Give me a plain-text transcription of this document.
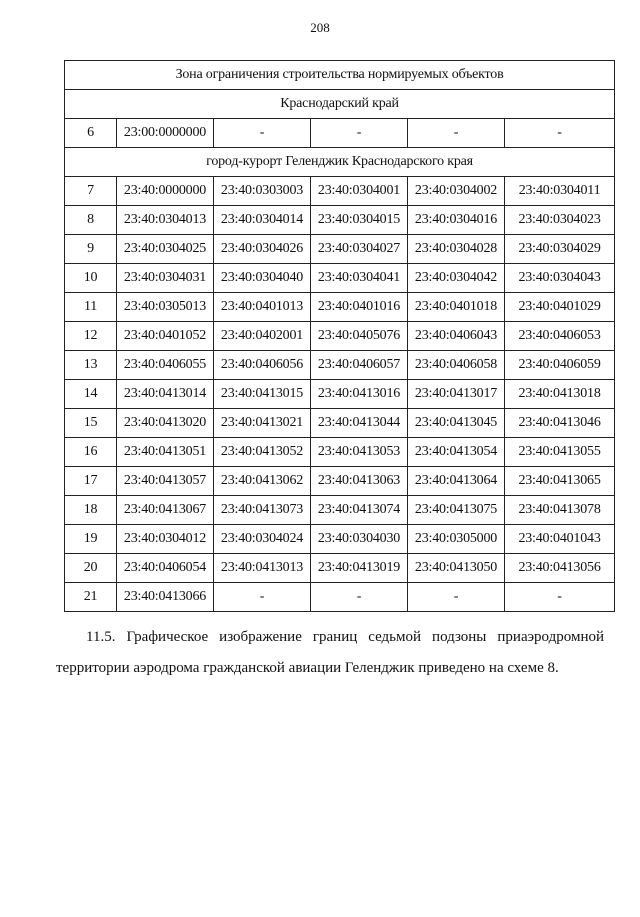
208
Зона ограничения строительства нормируемых объектов					
Краснодарский край					
6	23:00:0000000	-	-	-	-
город-курорт Геленджик Краснодарского края					
7	23:40:0000000	23:40:0303003	23:40:0304001	23:40:0304002	23:40:0304011
8	23:40:0304013	23:40:0304014	23:40:0304015	23:40:0304016	23:40:0304023
9	23:40:0304025	23:40:0304026	23:40:0304027	23:40:0304028	23:40:0304029
10	23:40:0304031	23:40:0304040	23:40:0304041	23:40:0304042	23:40:0304043
11	23:40:0305013	23:40:0401013	23:40:0401016	23:40:0401018	23:40:0401029
12	23:40:0401052	23:40:0402001	23:40:0405076	23:40:0406043	23:40:0406053
13	23:40:0406055	23:40:0406056	23:40:0406057	23:40:0406058	23:40:0406059
14	23:40:0413014	23:40:0413015	23:40:0413016	23:40:0413017	23:40:0413018
15	23:40:0413020	23:40:0413021	23:40:0413044	23:40:0413045	23:40:0413046
16	23:40:0413051	23:40:0413052	23:40:0413053	23:40:0413054	23:40:0413055
17	23:40:0413057	23:40:0413062	23:40:0413063	23:40:0413064	23:40:0413065
18	23:40:0413067	23:40:0413073	23:40:0413074	23:40:0413075	23:40:0413078
19	23:40:0304012	23:40:0304024	23:40:0304030	23:40:0305000	23:40:0401043
20	23:40:0406054	23:40:0413013	23:40:0413019	23:40:0413050	23:40:0413056
21	23:40:0413066	-	-	-	-
11.5. Графическое изображение границ седьмой подзоны приаэродромной территории аэродрома гражданской авиации Геленджик приведено на схеме 8.
